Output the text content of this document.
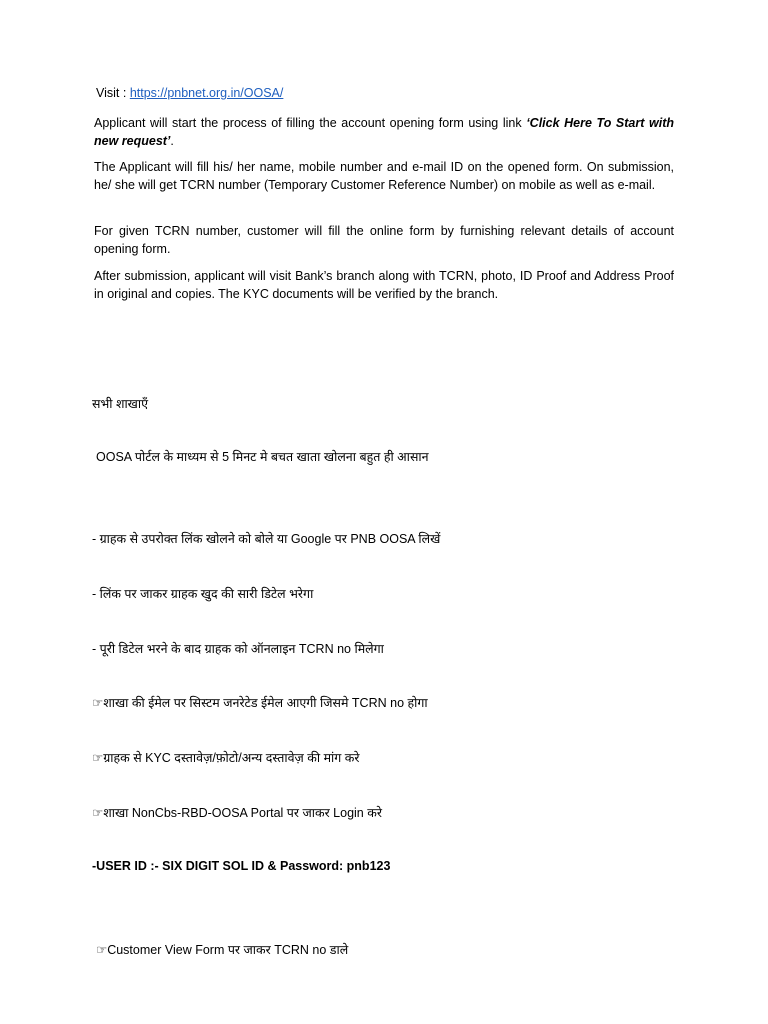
Visit : https://pnbnet.org.in/OOSA/

Applicant will start the process of filling the account opening form using link ‘Click Here To Start with new request’.

The Applicant will fill his/ her name, mobile number and e-mail ID on the opened form. On submission, he/ she will get TCRN number (Temporary Customer Reference Number) on mobile as well as e-mail.

For given TCRN number, customer will fill the online form by furnishing relevant details of account opening form.

After submission, applicant will visit Bank’s branch along with TCRN, photo, ID Proof and Address Proof in original and copies. The KYC documents will be verified by the branch.

सभी शाखाएँ

OOSA पोर्टल के माध्यम से 5 मिनट मे बचत खाता खोलना बहुत ही आसान

- ग्राहक से उपरोक्त लिंक खोलने को बोले या Google पर PNB OOSA लिखें

- लिंक पर जाकर ग्राहक खुद की सारी डिटेल भरेगा

- पूरी डिटेल भरने के बाद ग्राहक को ऑनलाइन TCRN no मिलेगा

☞शाखा की ईमेल पर सिस्टम जनरेटेड ईमेल आएगी जिसमे TCRN no होगा

☞ग्राहक से KYC दस्तावेज़/फ़ोटो/अन्य दस्तावेज़ की मांग करे

☞शाखा NonCbs-RBD-OOSA Portal पर जाकर Login करे

-USER ID :- SIX DIGIT SOL ID & Password: pnb123

☞Customer View Form पर जाकर TCRN no डाले
